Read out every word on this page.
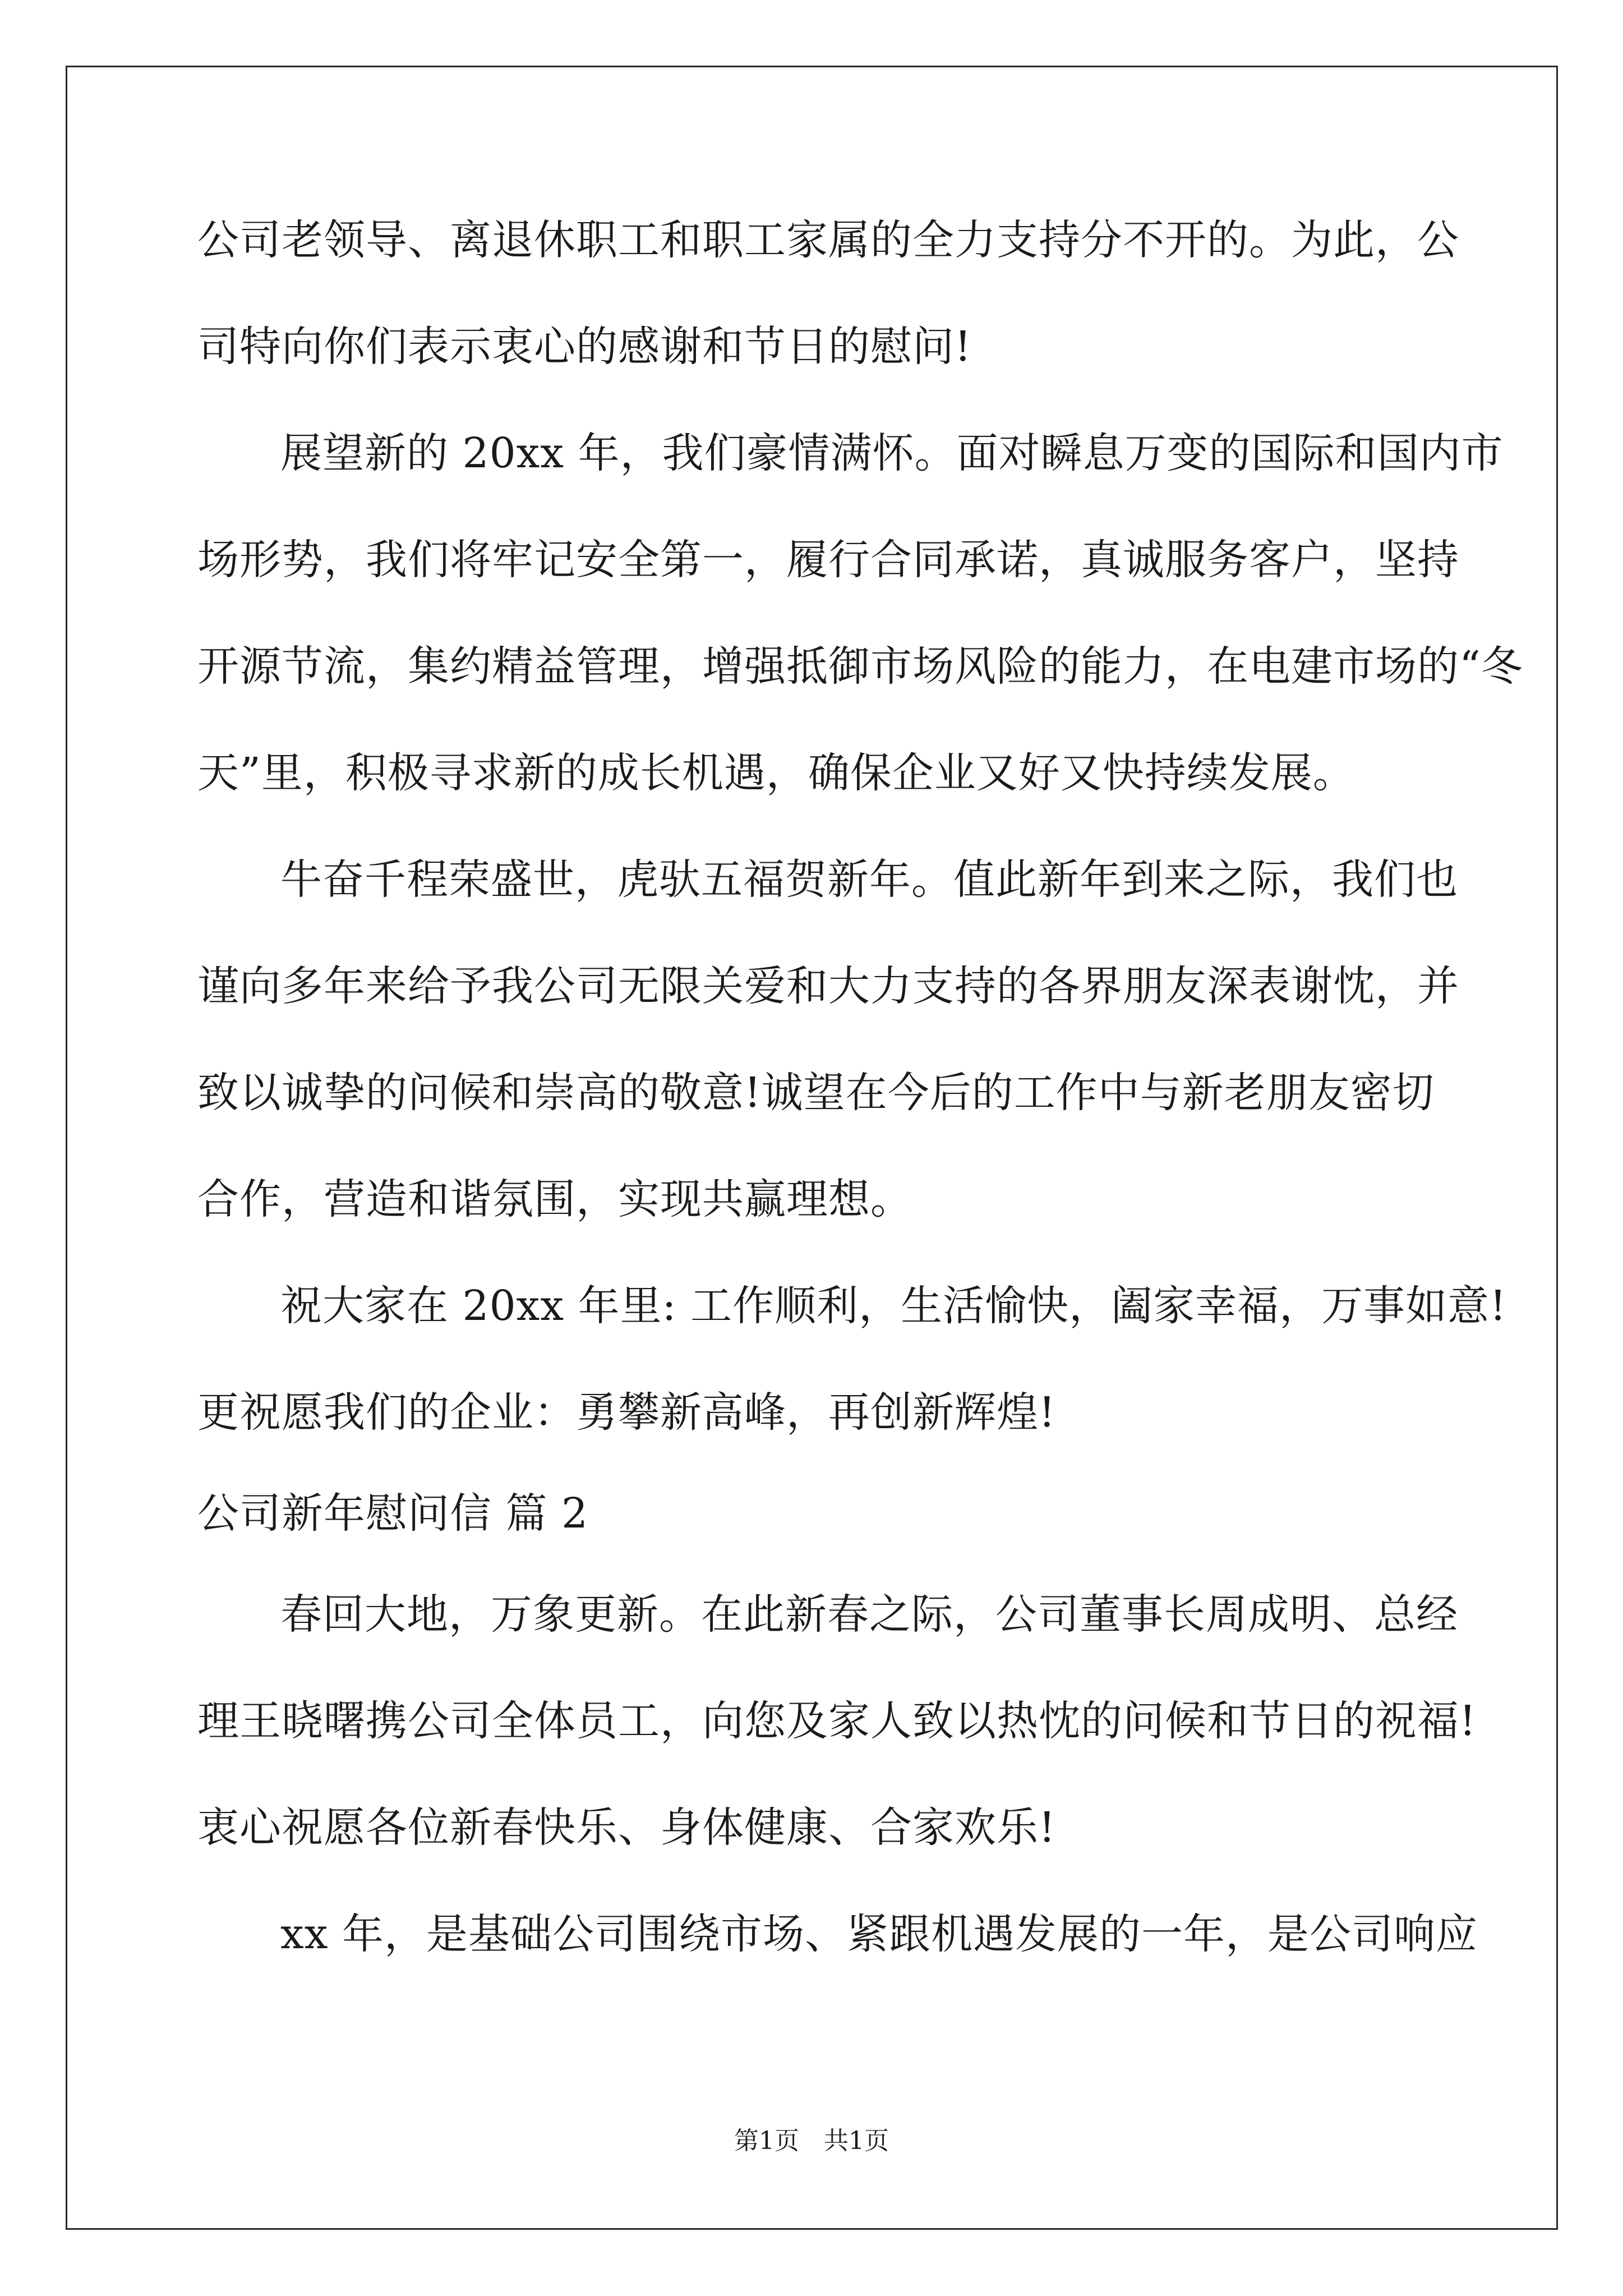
公司老领导、离退休职工和职工家属的全力支持分不开的。为此，公
司特向你们表示衷心的感谢和节日的慰问!
展望新的 20xx 年，我们豪情满怀。面对瞬息万变的国际和国内市
场形势，我们将牢记安全第一，履行合同承诺，真诚服务客户，坚持
开源节流，集约精益管理，增强抵御市场风险的能力，在电建市场的“冬
天”里，积极寻求新的成长机遇，确保企业又好又快持续发展。
牛奋千程荣盛世，虎驮五福贺新年。值此新年到来之际，我们也
谨向多年来给予我公司无限关爱和大力支持的各界朋友深表谢忱，并
致以诚挚的问候和崇高的敬意!诚望在今后的工作中与新老朋友密切
合作，营造和谐氛围，实现共赢理想。
祝大家在 20xx 年里: 工作顺利，生活愉快，阖家幸福，万事如意!
更祝愿我们的企业：勇攀新高峰，再创新辉煌!
公司新年慰问信 篇 2
春回大地，万象更新。在此新春之际，公司董事长周成明、总经
理王晓曙携公司全体员工，向您及家人致以热忱的问候和节日的祝福!
衷心祝愿各位新春快乐、身体健康、合家欢乐!
xx 年，是基础公司围绕市场、紧跟机遇发展的一年，是公司响应
第1页　共1页
